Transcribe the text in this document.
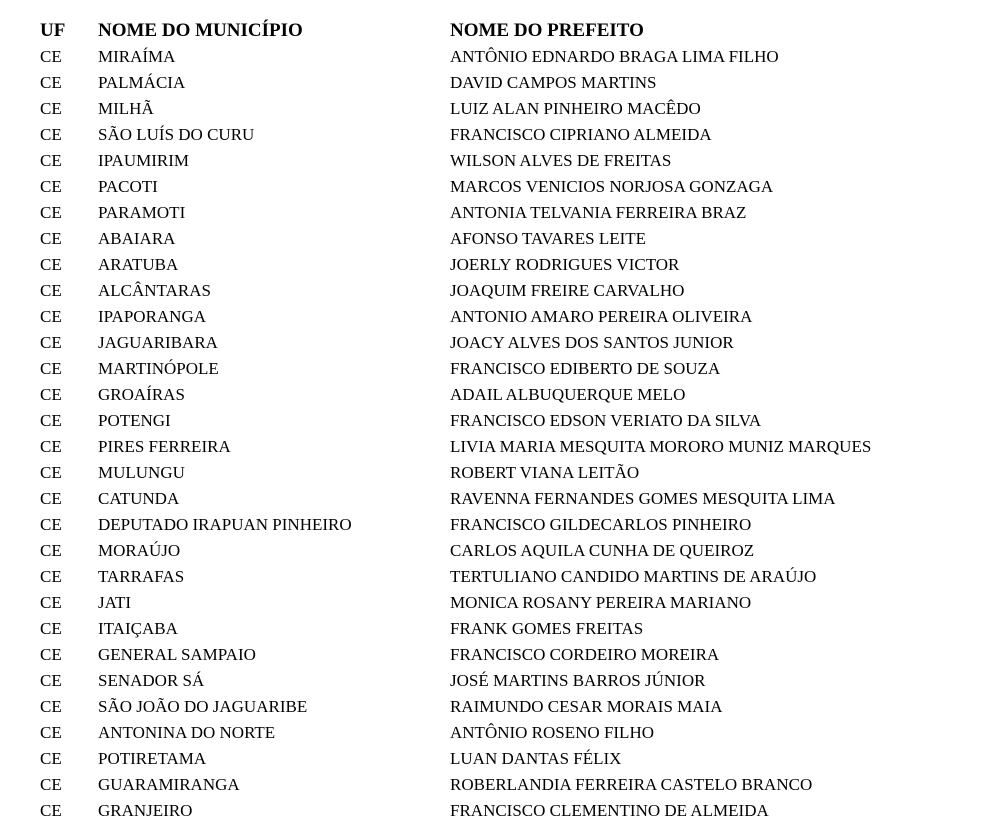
UF NOME DO MUNICÍPIO	NOME DO PREFEITO
CE MIRAÍMA	ANTÔNIO EDNARDO BRAGA LIMA FILHO
CE PALMÁCIA	DAVID CAMPOS MARTINS
CE MILHÃ	LUIZ ALAN PINHEIRO MACÊDO
CE SÃO LUÍS DO CURU	FRANCISCO CIPRIANO ALMEIDA
CE IPAUMIRIM	WILSON ALVES DE FREITAS
CE PACOTI	MARCOS VENICIOS NORJOSA GONZAGA
CE PARAMOTI	ANTONIA TELVANIA FERREIRA BRAZ
CE ABAIARA	AFONSO TAVARES LEITE
CE ARATUBA	JOERLY RODRIGUES VICTOR
CE ALCÂNTARAS	JOAQUIM FREIRE CARVALHO
CE IPAPORANGA	ANTONIO AMARO PEREIRA OLIVEIRA
CE JAGUARIBARA	JOACY ALVES DOS SANTOS JUNIOR
CE MARTINÓPOLE	FRANCISCO EDIBERTO DE SOUZA
CE GROAÍRAS	ADAIL ALBUQUERQUE MELO
CE POTENGI	FRANCISCO EDSON VERIATO DA SILVA
CE PIRES FERREIRA	LIVIA MARIA MESQUITA MORORO MUNIZ MARQUES
CE MULUNGU	ROBERT VIANA LEITÃO
CE CATUNDA	RAVENNA FERNANDES GOMES MESQUITA LIMA
CE DEPUTADO IRAPUAN PINHEIRO	FRANCISCO GILDECARLOS PINHEIRO
CE MORAÚJO	CARLOS AQUILA CUNHA DE QUEIROZ
CE TARRAFAS	TERTULIANO CANDIDO MARTINS DE ARAÚJO
CE JATI	MONICA ROSANY PEREIRA MARIANO
CE ITAIÇABA	FRANK GOMES FREITAS
CE GENERAL SAMPAIO	FRANCISCO CORDEIRO MOREIRA
CE SENADOR SÁ	JOSÉ MARTINS BARROS JÚNIOR
CE SÃO JOÃO DO JAGUARIBE	RAIMUNDO CESAR MORAIS MAIA
CE ANTONINA DO NORTE	ANTÔNIO ROSENO FILHO
CE POTIRETAMA	LUAN DANTAS FÉLIX
CE GUARAMIRANGA	ROBERLANDIA FERREIRA CASTELO BRANCO
CE GRANJEIRO	FRANCISCO CLEMENTINO DE ALMEIDA
